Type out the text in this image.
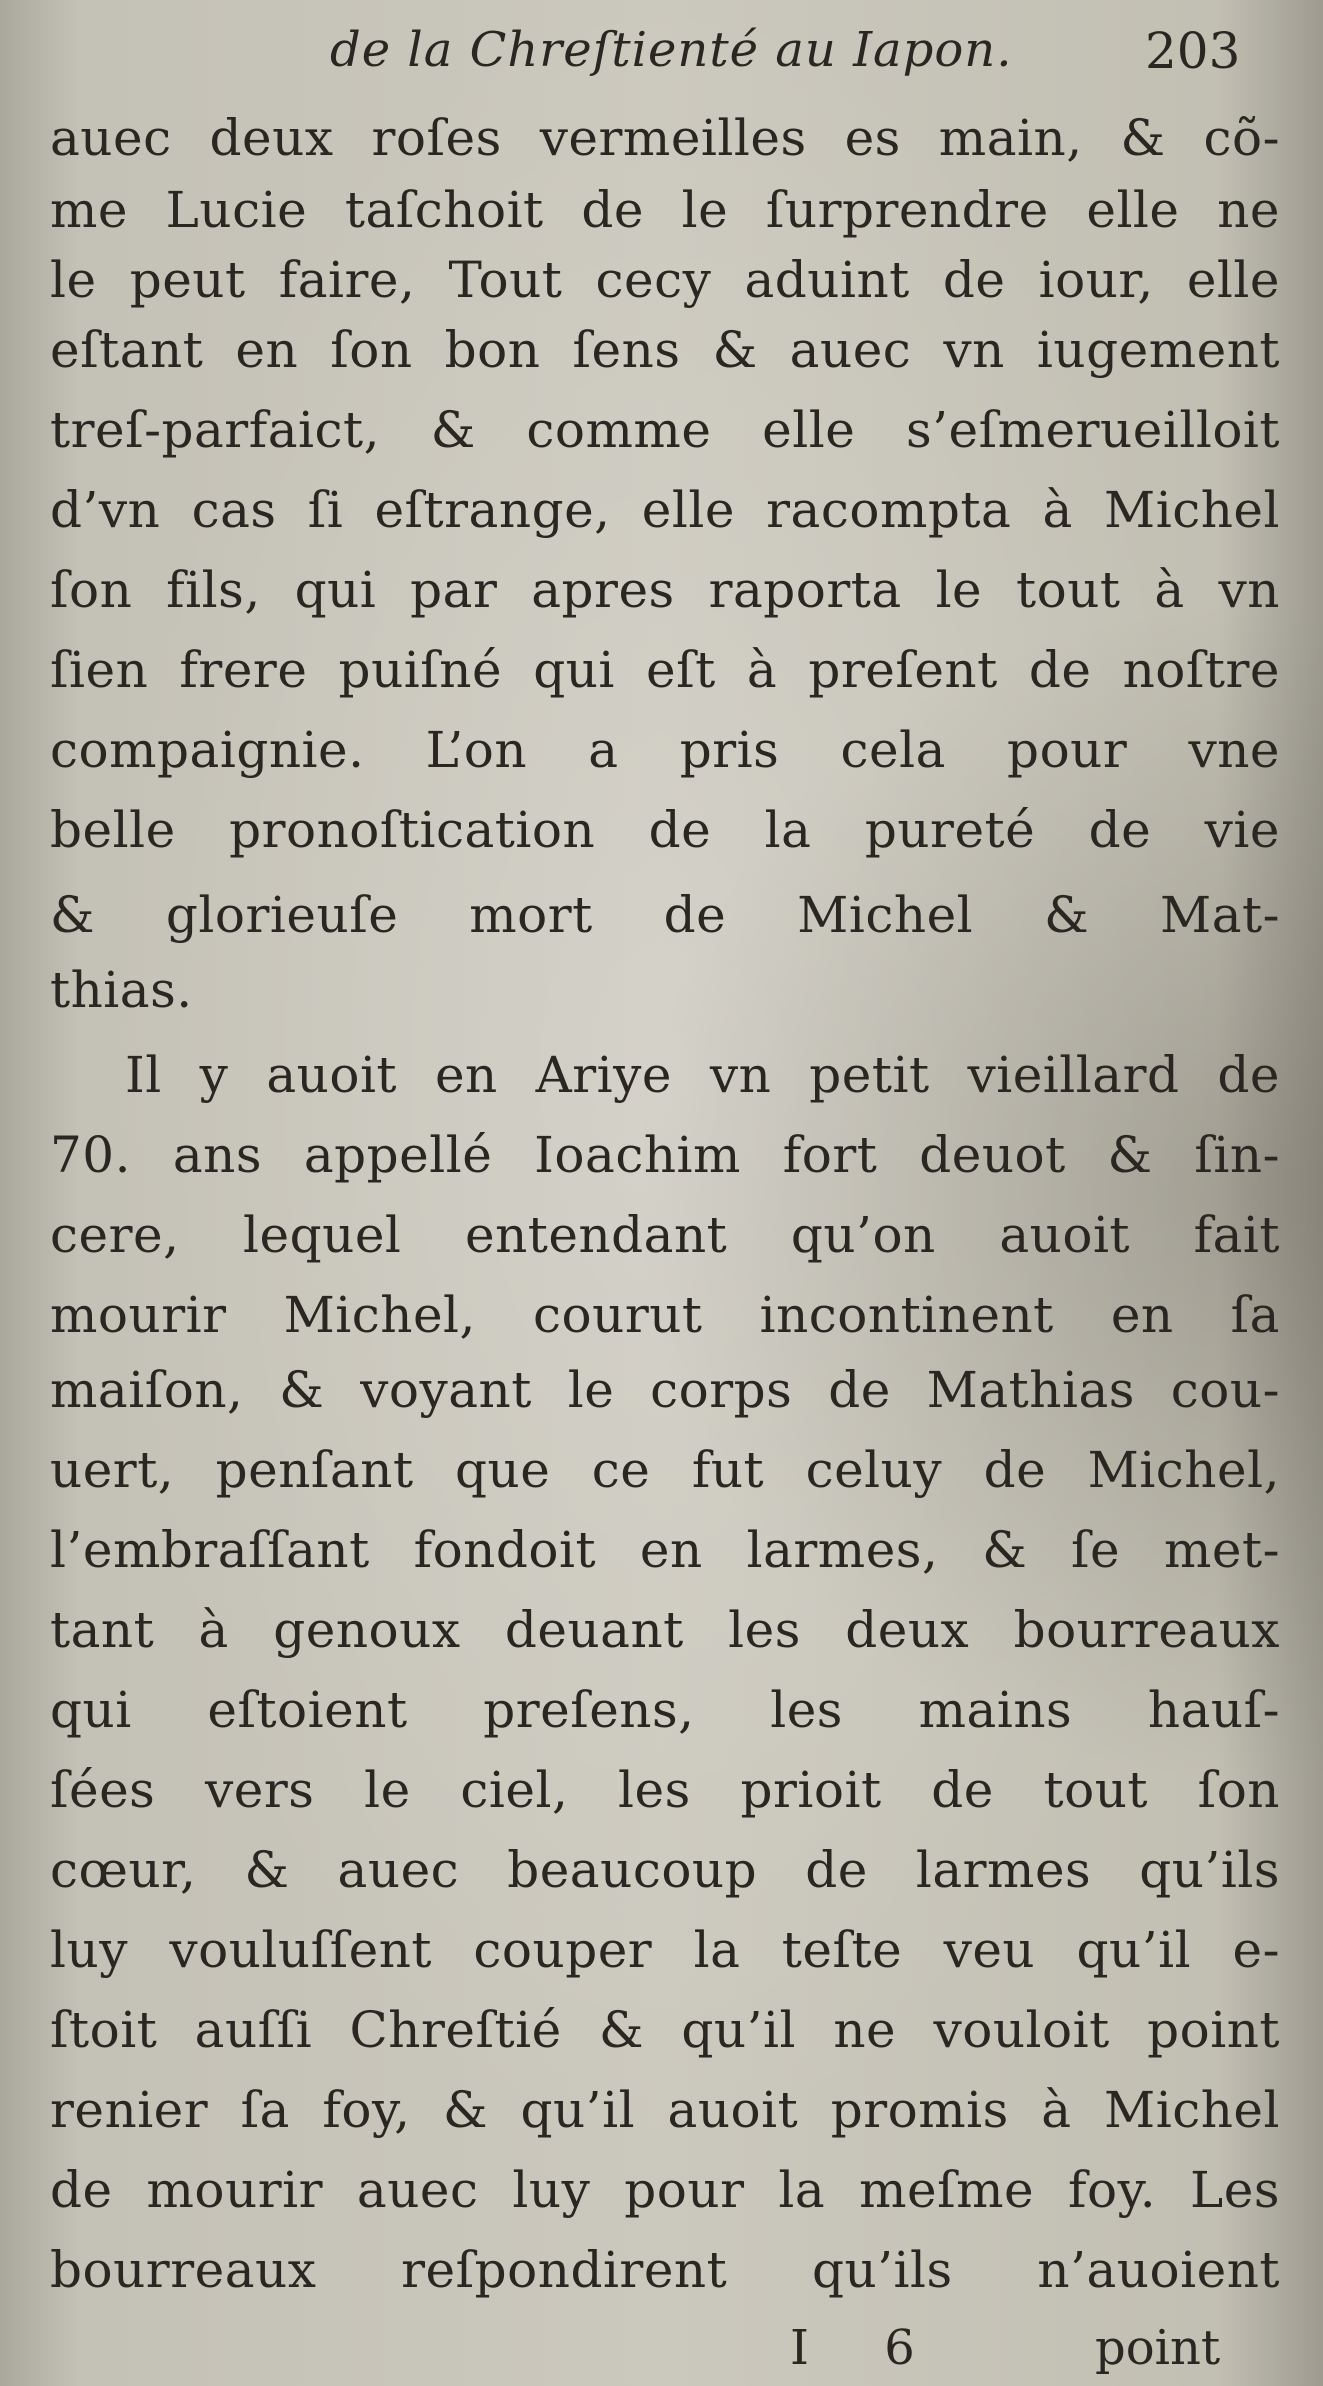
de la Chreſtienté au Iapon.	203
auec deux roſes vermeilles es main, & cõ-
me Lucie taſchoit de le ſurprendre elle ne
le peut faire, Tout cecy aduint de iour, elle
eſtant en ſon bon ſens & auec vn iugement
treſ-parfaict, & comme elle s’eſmerueilloit
d’vn cas ſi eſtrange, elle racompta à Michel
ſon fils, qui par apres raporta le tout à vn
ſien frere puiſné qui eſt à preſent de noſtre
compaignie. L’on a pris cela pour vne
belle pronoſtication de la pureté de vie
& glorieuſe mort de Michel & Mat-
thias.
Il y auoit en Ariye vn petit vieillard de
70. ans appellé Ioachim fort deuot & ſin-
cere, lequel entendant qu’on auoit fait
mourir Michel, courut incontinent en ſa
maiſon, & voyant le corps de Mathias cou-
uert, penſant que ce fut celuy de Michel,
l’embraſſant fondoit en larmes, & ſe met-
tant à genoux deuant les deux bourreaux
qui eſtoient preſens, les mains hauſ-
ſées vers le ciel, les prioit de tout ſon
cœur, & auec beaucoup de larmes qu’ils
luy vouluſſent couper la teſte veu qu’il e-
ſtoit auſſi Chreſtié & qu’il ne vouloit point
renier ſa foy, & qu’il auoit promis à Michel
de mourir auec luy pour la meſme foy. Les
bourreaux reſpondirent qu’ils n’auoient
I 6	point
